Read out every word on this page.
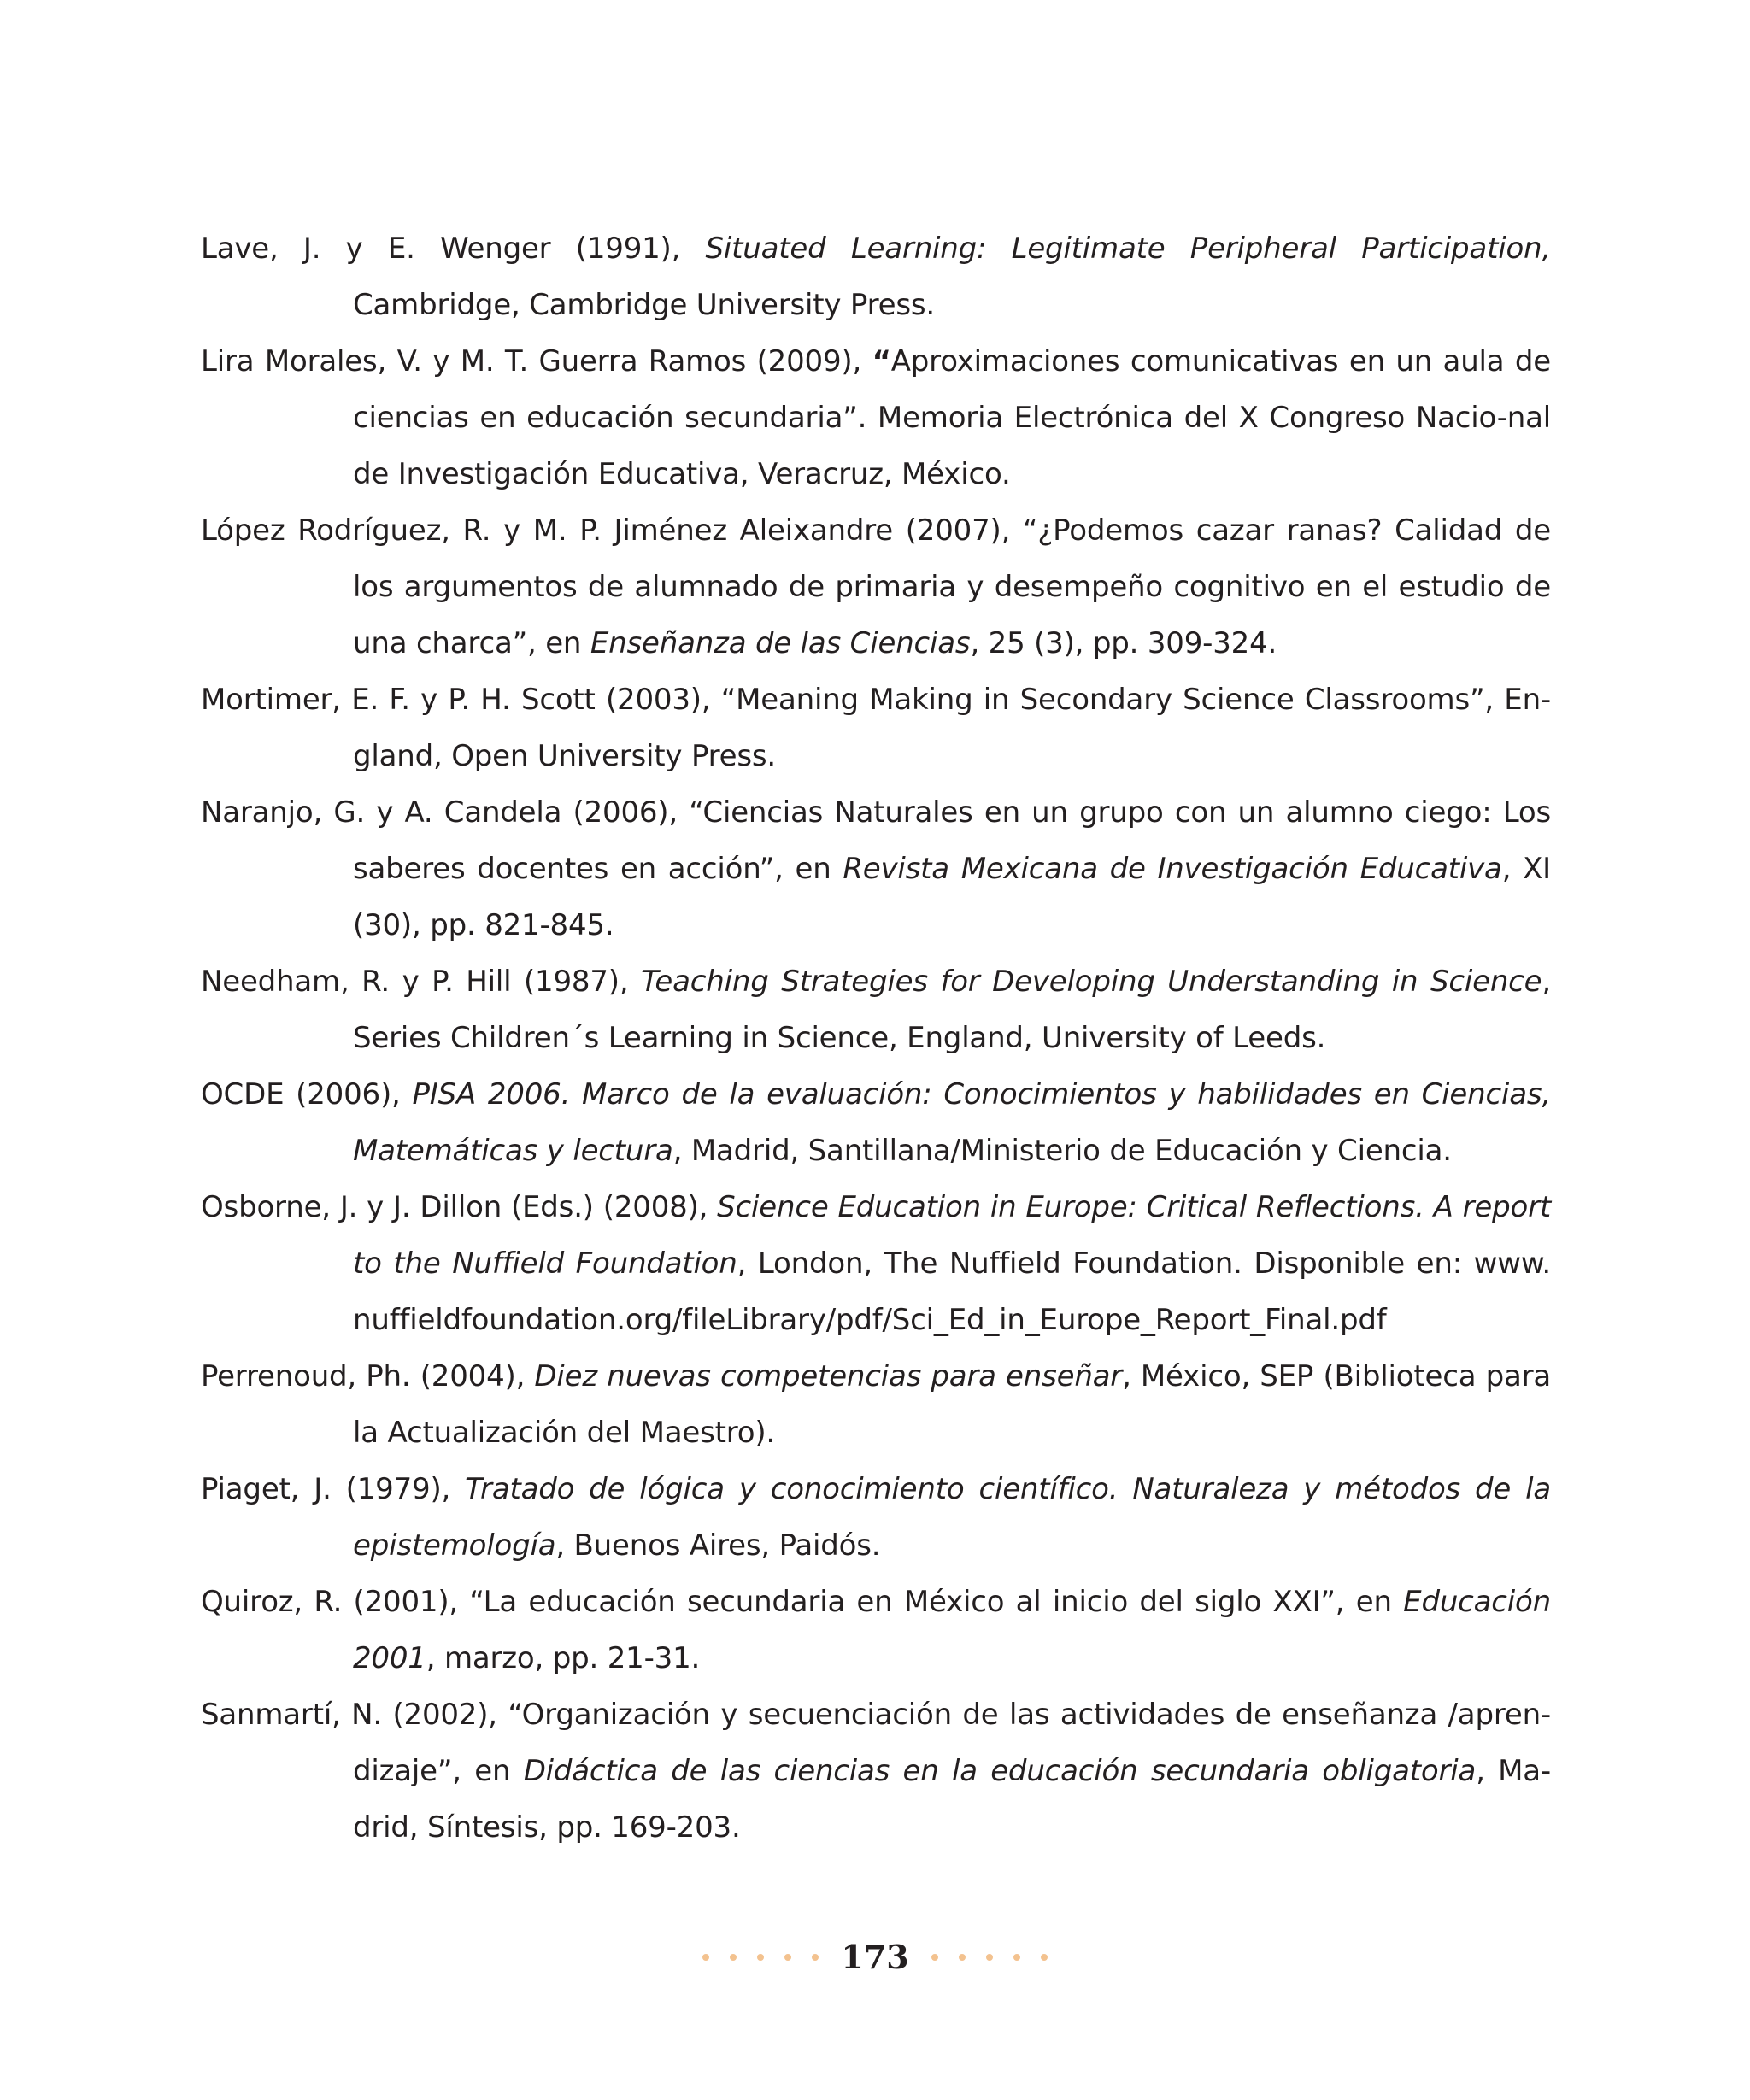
Lave, J. y E. Wenger (1991), Situated Learning: Legitimate Peripheral Participation, Cambridge, Cambridge University Press.

Lira Morales, V. y M. T. Guerra Ramos (2009), “Aproximaciones comunicativas en un aula de ciencias en educación secundaria”. Memoria Electrónica del X Congreso Nacio-nal de Investigación Educativa, Veracruz, México.

López Rodríguez, R. y M. P. Jiménez Aleixandre (2007), “¿Podemos cazar ranas? Calidad de los argumentos de alumnado de primaria y desempeño cognitivo en el estudio de una charca”, en Enseñanza de las Ciencias, 25 (3), pp. 309-324.

Mortimer, E. F. y P. H. Scott (2003), “Meaning Making in Secondary Science Classrooms”, En-gland, Open University Press.

Naranjo, G. y A. Candela (2006), “Ciencias Naturales en un grupo con un alumno ciego: Los saberes docentes en acción”, en Revista Mexicana de Investigación Educativa, XI (30), pp. 821-845.

Needham, R. y P. Hill (1987), Teaching Strategies for Developing Understanding in Science, Series Children´s Learning in Science, England, University of Leeds.

OCDE (2006), PISA 2006. Marco de la evaluación: Conocimientos y habilidades en Ciencias, Matemáticas y lectura, Madrid, Santillana/Ministerio de Educación y Ciencia.

Osborne, J. y J. Dillon (Eds.) (2008), Science Education in Europe: Critical Reflections. A report to the Nuffield Foundation, London, The Nuffield Foundation. Disponible en: www. nuffieldfoundation.org/fileLibrary/pdf/Sci_Ed_in_Europe_Report_Final.pdf

Perrenoud, Ph. (2004), Diez nuevas competencias para enseñar, México, SEP (Biblioteca para la Actualización del Maestro).

Piaget, J. (1979), Tratado de lógica y conocimiento científico. Naturaleza y métodos de la epistemología, Buenos Aires, Paidós.

Quiroz, R. (2001), “La educación secundaria en México al inicio del siglo XXI”, en Educación 2001, marzo, pp. 21-31.

Sanmartí, N. (2002), “Organización y secuenciación de las actividades de enseñanza /apren-dizaje”, en Didáctica de las ciencias en la educación secundaria obligatoria, Ma-drid, Síntesis, pp. 169-203.

173
